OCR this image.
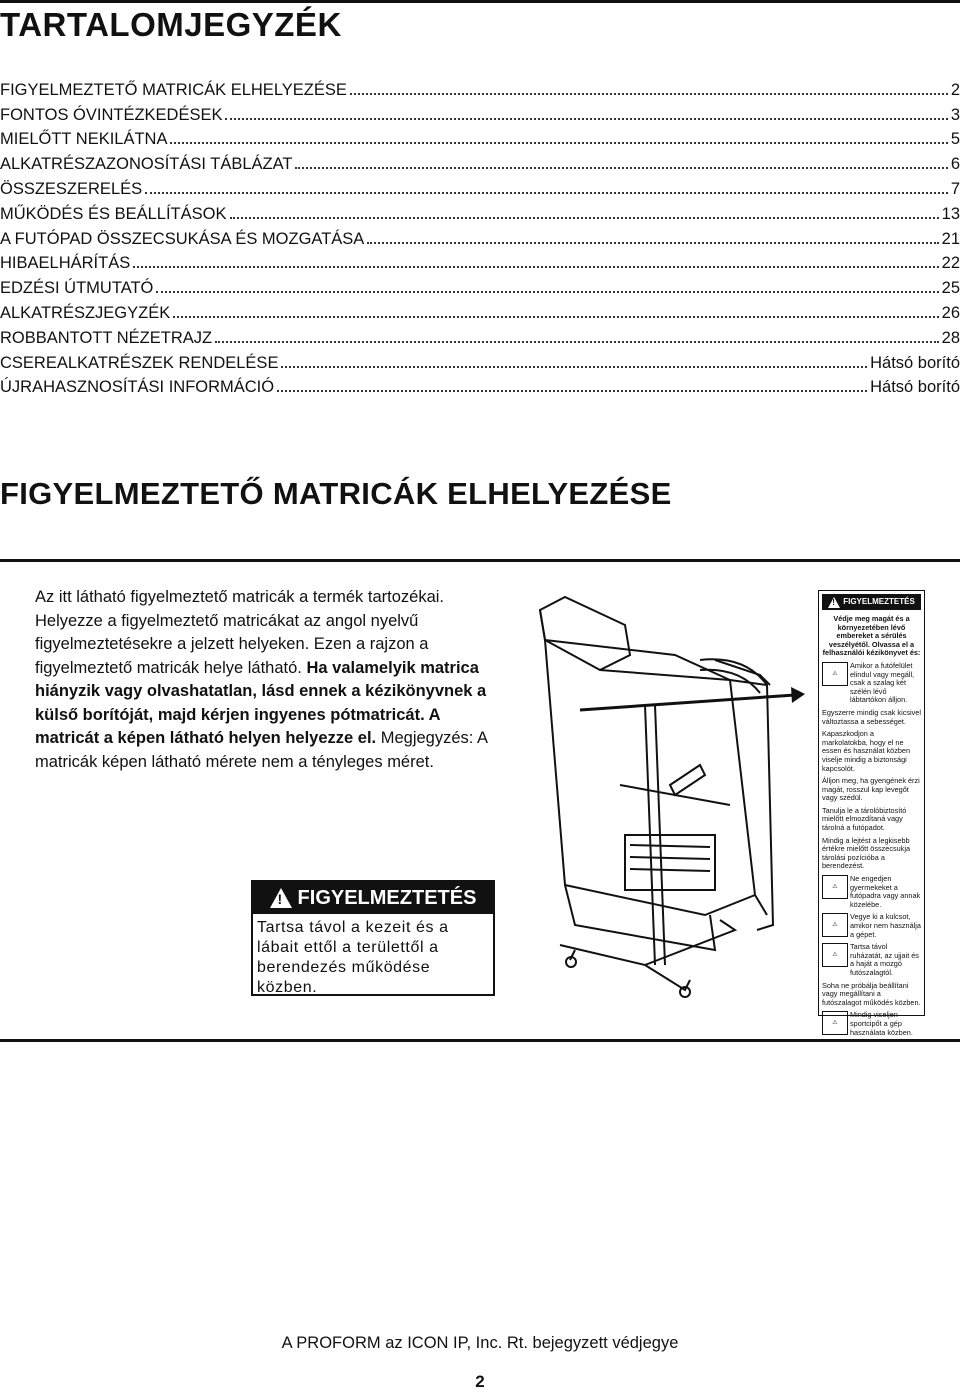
TARTALOMJEGYZÉK
FIGYELMEZTETŐ MATRICÁK ELHELYEZÉSE	2
FONTOS ÓVINTÉZKEDÉSEK	3
MIELŐTT NEKILÁTNA	5
ALKATRÉSZAZONOSÍTÁSI TÁBLÁZAT	6
ÖSSZESZERELÉS	7
MŰKÖDÉS ÉS BEÁLLÍTÁSOK	13
A FUTÓPAD ÖSSZECSUKÁSA ÉS MOZGATÁSA	21
HIBAELHÁRÍTÁS	22
EDZÉSI ÚTMUTATÓ	25
ALKATRÉSZJEGYZÉK	26
ROBBANTOTT NÉZETRAJZ	28
CSEREALKATRÉSZEK RENDELÉSE	Hátsó borító
ÚJRAHASZNOSÍTÁSI INFORMÁCIÓ	Hátsó borító
FIGYELMEZTETŐ MATRICÁK ELHELYEZÉSE
Az itt látható figyelmeztető matricák a termék tartozékai. Helyezze a figyelmeztető matricákat az angol nyelvű figyelmeztetésekre a jelzett helyeken. Ezen a rajzon a figyelmeztető matricák helye látható. Ha valamelyik matrica hiányzik vagy olvashatatlan, lásd ennek a kézikönyvnek a külső borítóját, majd kérjen ingyenes pótmatricát. A matricát a képen látható helyen helyezze el. Megjegyzés: A matricák képen látható mérete nem a tényleges méret.
! FIGYELMEZTETÉS
Tartsa távol a kezeit és a lábait ettől a területtől a berendezés működése közben.
! FIGYELMEZTETÉS
Védje meg magát és a környezetében lévő embereket a sérülés veszélyétől. Olvassa el a felhasználói kézikönyvet és:
⚠
Amikor a futófelület elindul vagy megáll, csak a szalag két szélén lévő lábtartókon álljon.
Egyszerre mindig csak kicsivel változtassa a sebességet.
Kapaszkodjon a markolatokba, hogy el ne essen és használat közben viselje mindig a biztonsági kapcsolót.
Álljon meg, ha gyengének érzi magát, rosszul kap levegőt vagy szédül.
Tanulja le a tárolóbiztosító mielőtt elmozdítaná vagy tárolná a futópadot.
Mindig a lejtést a legkisebb értékre mielőtt összecsukja tárolási pozícióba a berendezést.
⚠
Ne engedjen gyermekeket a futópadra vagy annak közelébe.
⚠
Vegye ki a kulcsot, amikor nem használja a gépet.
⚠
Tartsa távol ruházatát, az ujjait és a haját a mozgó futószalagtól.
Soha ne próbálja beállítani vagy megállítani a futószalagot működés közben.
⚠
Mindig viseljen sportcipőt a gép használata közben.
A PROFORM az ICON IP, Inc. Rt. bejegyzett védjegye
2
